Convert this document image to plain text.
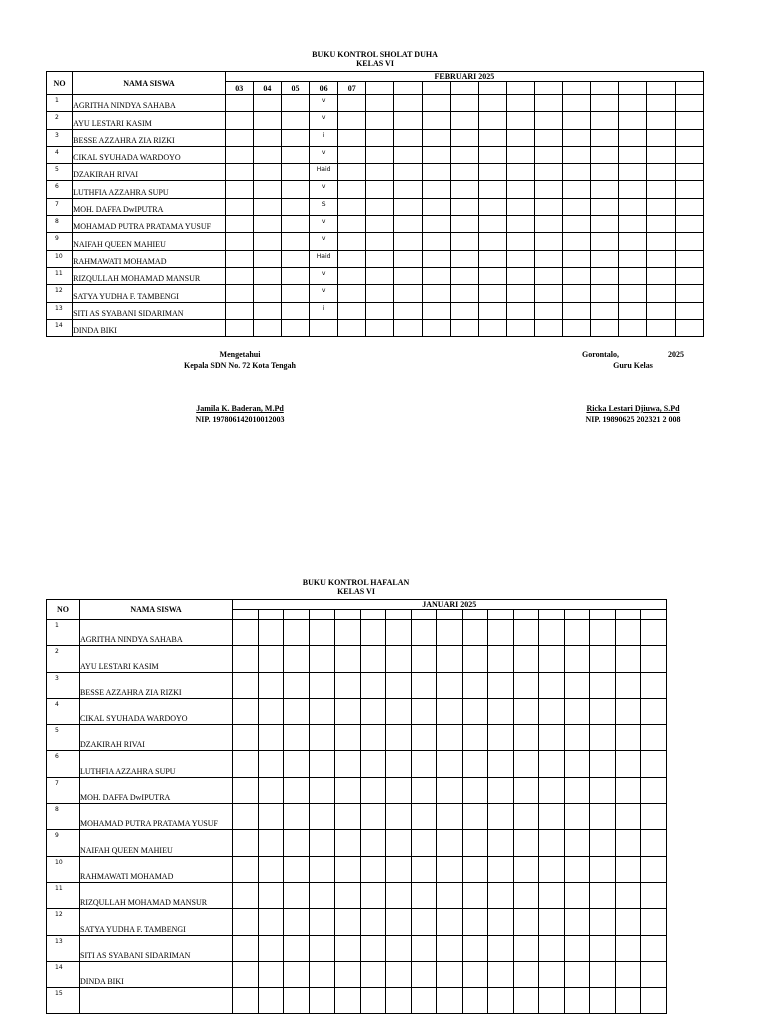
BUKU KONTROL SHOLAT DUHA
KELAS VI
NO	NAMA SISWA	FEBRUARI 2025																
		03	04	05	06	07												
1	AGRITHA NINDYA SAHABA				v													
2	AYU LESTARI KASIM				v													
3	BESSE AZZAHRA ZIA RIZKI				i													
4	CIKAL SYUHADA WARDOYO				v													
5	DZAKIRAH RIVAI				Haid													
6	LUTHFIA AZZAHRA SUPU				v													
7	MOH. DAFFA DwIPUTRA				S													
8	MOHAMAD PUTRA PRATAMA YUSUF				v													
9	NAIFAH QUEEN MAHIEU				v													
10	RAHMAWATI MOHAMAD				Haid													
11	RIZQULLAH MOHAMAD MANSUR				v													
12	SATYA YUDHA F. TAMBENGI				v													
13	SITI AS SYABANI SIDARIMAN				i													
14	DINDA BIKI																	
Mengetahui
Kepala SDN No. 72 Kota Tengah
Jamila K. Baderan, M.Pd
NIP. 197806142010012003
Gorontalo,	2025
Guru Kelas
Ricka Lestari Djiuwa, S.Pd
NIP. 19890625 202321 2 008
BUKU KONTROL HAFALAN
KELAS VI
NO	NAMA SISWA	JANUARI 2025																

1	AGRITHA NINDYA SAHABA																	
2	AYU LESTARI KASIM																	
3	BESSE AZZAHRA ZIA RIZKI																	
4	CIKAL SYUHADA WARDOYO																	
5	DZAKIRAH RIVAI																	
6	LUTHFIA AZZAHRA SUPU																	
7	MOH. DAFFA DwIPUTRA																	
8	MOHAMAD PUTRA PRATAMA YUSUF																	
9	NAIFAH QUEEN MAHIEU																	
10	RAHMAWATI MOHAMAD																	
11	RIZQULLAH MOHAMAD MANSUR																	
12	SATYA YUDHA F. TAMBENGI																	
13	SITI AS SYABANI SIDARIMAN																	
14	DINDA BIKI																	
15																		
